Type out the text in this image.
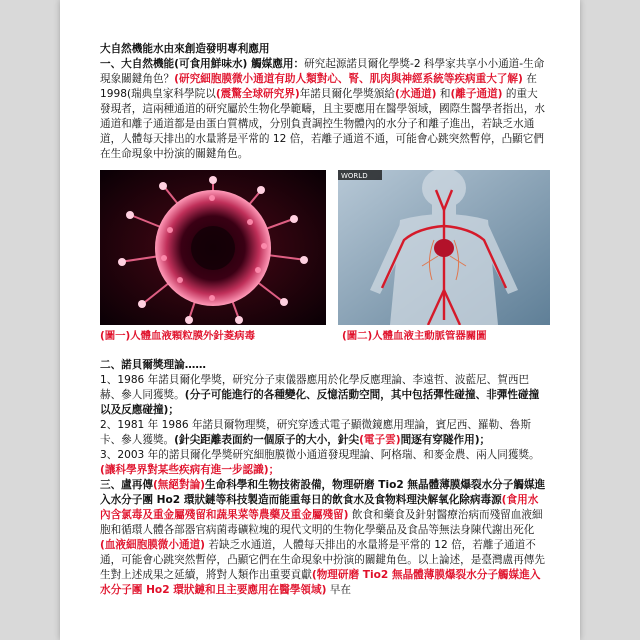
大自然機能水由來創造發明專利應用

一、大自然機能(可食用鮮味水) 觸媒應用：研究起源諾貝爾化學獎-2 科學家共享小小通道-生命現象關鍵角色？(研究細胞膜微小通道有助人類對心、腎、肌肉與神經系統等疾病重大了解) 在 1998(瑞典皇家科學院以(震驚全球研究界)年諾貝爾化學獎頒給(水通道) 和(離子通道) 的重大發現者，這兩種通道的研究屬於生物化學範疇，且主要應用在醫學領域，國際生醫學者指出，水通道和離子通道都是由蛋白質構成，分別負責調控生物體內的水分子和離子進出，若缺乏水通道，人體每天排出的水量將是平常的 12 倍，若離子通道不通，可能會心跳突然暫停，凸顯它們在生命現象中扮演的關鍵角色。

WORLD
(圖一)人體血液顆粒膜外針菱病毒	(圖二)人體血液主動脈管器關圖

二、諾貝爾獎理論……

1、1986 年諾貝爾化學獎，研究分子束儀器應用於化學反應理論、李遠哲、波藍尼、賀西巴赫、參人同獲獎。(分子可能進行的各種變化、反憶活動空間，其中包括彈性碰撞、非彈性碰撞以及反應碰撞)；

2、1981 年 1986 年諾貝爾物理獎，研究穿透式電子顯微鏡應用理論，賓尼西、羅勒、魯斯卡、參人獲獎。(針尖距離表面約一個原子的大小，針尖(電子雲)間逐有穿隧作用)；

3、2003 年的諾貝爾化學獎研究細胞膜微小通道發現理論、阿格瑞、和麥金農、兩人同獲獎。(讓科學界對某些疾病有進一步認識)；

三、盧再傳(無絕對論)生命科學和生物技術設備，物理研磨 Tio2 無晶體薄膜爆裂水分子觸媒進入水分子團 Ho2 環狀鏈等科技製造而能重每日的飲食水及食物料理決解氧化除病毒源(食用水內含氯毒及重金屬殘留和蔬果菜等農藥及重金屬殘留) 飲食和藥食及針射醫療治病而殘留血液細胞和循環人體各部器官病菌毒礦粒塊的現代文明的生物化學藥品及食品等無法身陳代謝出死化(血液細胞膜微小通道) 若缺乏水通道，人體每天排出的水量將是平常的 12 倍，若離子通道不通，可能會心跳突然暫停，凸顯它們在生命現象中扮演的關鍵角色。以上論述，是臺灣盧再傳先生對上述成果之延續，將對人類作出重要貢獻(物理研磨 Tio2 無晶體薄膜爆裂水分子觸媒進入水分子團 Ho2 環狀鏈和且主要應用在醫學領域) 早在
